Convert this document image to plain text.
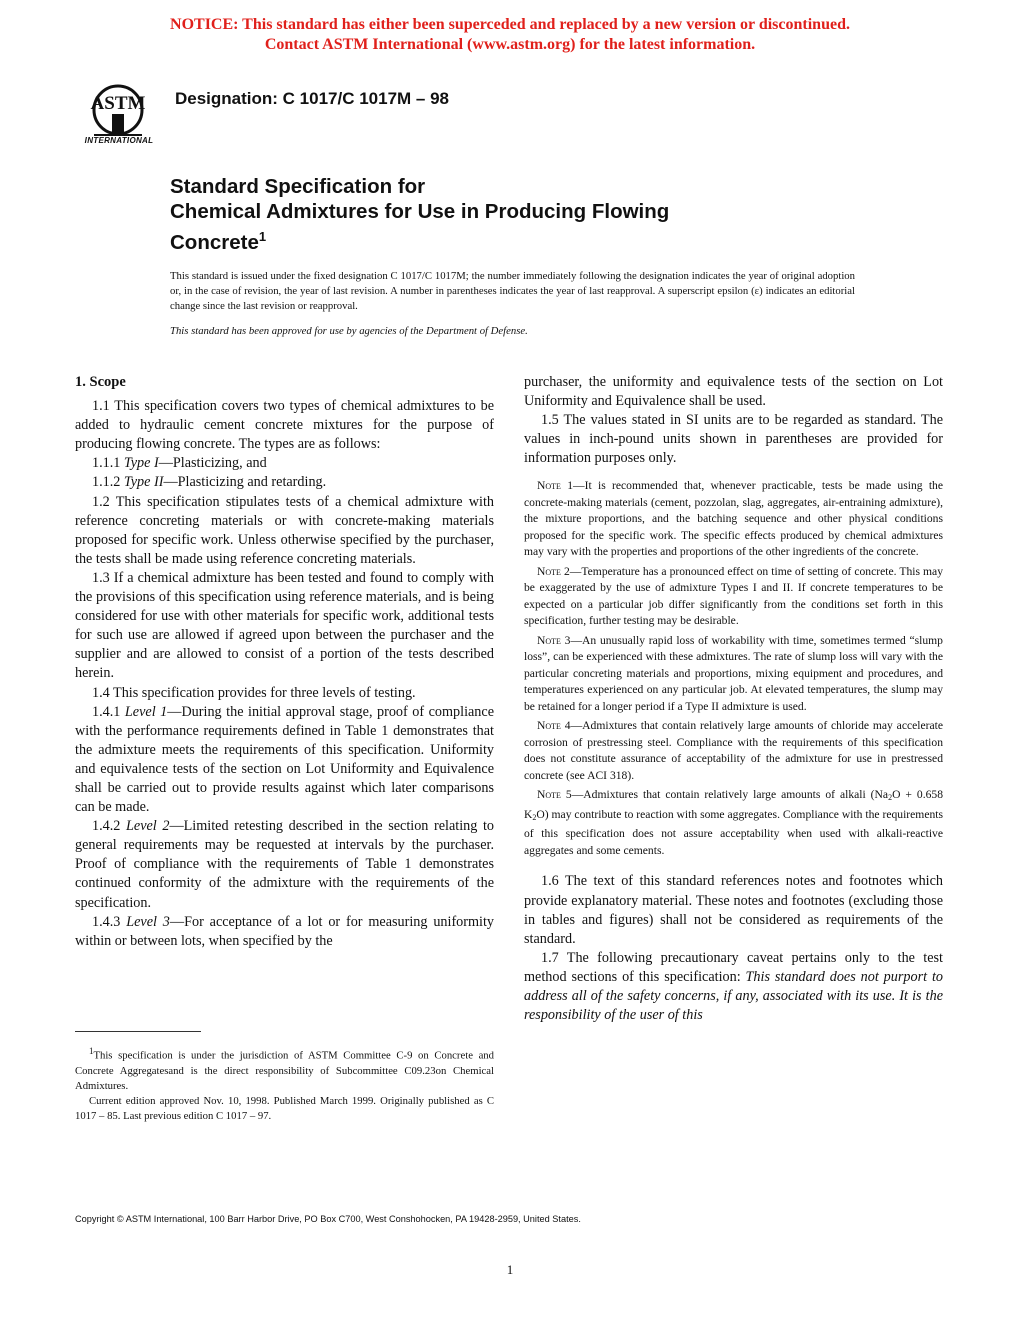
NOTICE: This standard has either been superceded and replaced by a new version or discontinued.
Contact ASTM International (www.astm.org) for the latest information.
ASTM
INTERNATIONAL
Designation: C 1017/C 1017M – 98
Standard Specification for
Chemical Admixtures for Use in Producing Flowing
Concrete$^1$
This standard is issued under the fixed designation C 1017/C 1017M; the number immediately following the designation indicates the year of original adoption or, in the case of revision, the year of last revision. A number in parentheses indicates the year of last reapproval. A superscript epsilon (ε) indicates an editorial change since the last revision or reapproval.
This standard has been approved for use by agencies of the Department of Defense.
1. Scope

1.1 This specification covers two types of chemical admixtures to be added to hydraulic cement concrete mixtures for the purpose of producing flowing concrete. The types are as follows:

1.1.1 Type I—Plasticizing, and

1.1.2 Type II—Plasticizing and retarding.

1.2 This specification stipulates tests of a chemical admixture with reference concreting materials or with concrete-making materials proposed for specific work. Unless otherwise specified by the purchaser, the tests shall be made using reference concreting materials.

1.3 If a chemical admixture has been tested and found to comply with the provisions of this specification using reference materials, and is being considered for use with other materials for specific work, additional tests for such use are allowed if agreed upon between the purchaser and the supplier and are allowed to consist of a portion of the tests described herein.

1.4 This specification provides for three levels of testing.

1.4.1 Level 1—During the initial approval stage, proof of compliance with the performance requirements defined in Table 1 demonstrates that the admixture meets the requirements of this specification. Uniformity and equivalence tests of the section on Lot Uniformity and Equivalence shall be carried out to provide results against which later comparisons can be made.

1.4.2 Level 2—Limited retesting described in the section relating to general requirements may be requested at intervals by the purchaser. Proof of compliance with the requirements of Table 1 demonstrates continued conformity of the admixture with the requirements of the specification.

1.4.3 Level 3—For acceptance of a lot or for measuring uniformity within or between lots, when specified by the

purchaser, the uniformity and equivalence tests of the section on Lot Uniformity and Equivalence shall be used.

1.5 The values stated in SI units are to be regarded as standard. The values in inch-pound units shown in parentheses are provided for information purposes only.

Note 1—It is recommended that, whenever practicable, tests be made using the concrete-making materials (cement, pozzolan, slag, aggregates, air-entraining admixture), the mixture proportions, and the batching sequence and other physical conditions proposed for the specific work. The specific effects produced by chemical admixtures may vary with the properties and proportions of the other ingredients of the concrete.

Note 2—Temperature has a pronounced effect on time of setting of concrete. This may be exaggerated by the use of admixture Types I and II. If concrete temperatures to be expected on a particular job differ significantly from the conditions set forth in this specification, further testing may be desirable.

Note 3—An unusually rapid loss of workability with time, sometimes termed “slump loss”, can be experienced with these admixtures. The rate of slump loss will vary with the particular concreting materials and proportions, mixing equipment and procedures, and temperatures experienced on any particular job. At elevated temperatures, the slump may be retained for a longer period if a Type II admixture is used.

Note 4—Admixtures that contain relatively large amounts of chloride may accelerate corrosion of prestressing steel. Compliance with the requirements of this specification does not constitute assurance of acceptability of the admixture for use in prestressed concrete (see ACI 318).

Note 5—Admixtures that contain relatively large amounts of alkali ($Na_2O + 0.658$ $K_2O$) may contribute to reaction with some aggregates. Compliance with the requirements of this specification does not assure acceptability when used with alkali-reactive aggregates and some cements.

1.6 The text of this standard references notes and footnotes which provide explanatory material. These notes and footnotes (excluding those in tables and figures) shall not be considered as requirements of the standard.

1.7 The following precautionary caveat pertains only to the test method sections of this specification: This standard does not purport to address all of the safety concerns, if any, associated with its use. It is the responsibility of the user of this

$^1$This specification is under the jurisdiction of ASTM Committee C-9 on Concrete and Concrete Aggregatesand is the direct responsibility of Subcommittee C09.23on Chemical Admixtures.

Current edition approved Nov. 10, 1998. Published March 1999. Originally published as C 1017 – 85. Last previous edition C 1017 – 97.

Copyright © ASTM International, 100 Barr Harbor Drive, PO Box C700, West Conshohocken, PA 19428-2959, United States.
1
